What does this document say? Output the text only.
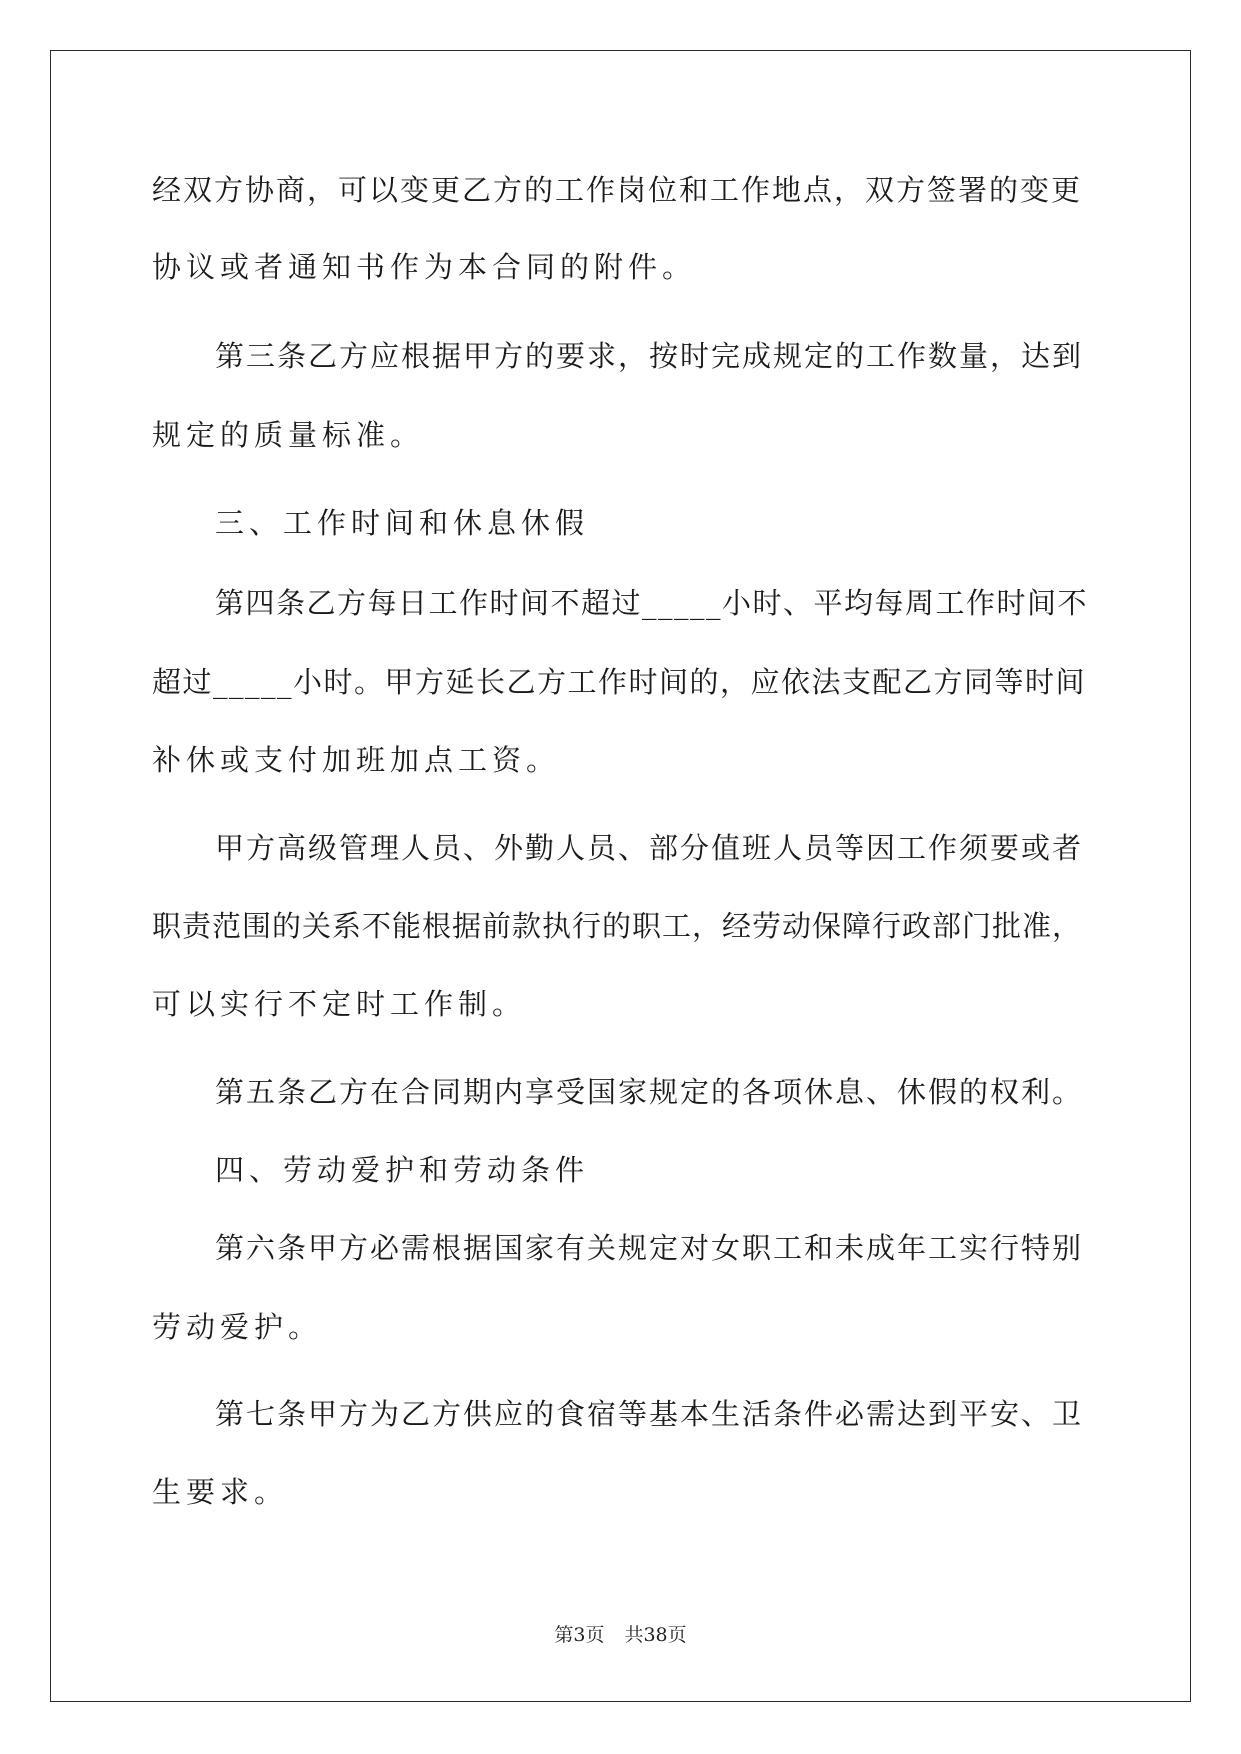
经双方协商，可以变更乙方的工作岗位和工作地点，双方签署的变更
协议或者通知书作为本合同的附件。
第三条乙方应根据甲方的要求，按时完成规定的工作数量，达到
规定的质量标准。
三、工作时间和休息休假
第四条乙方每日工作时间不超过_____小时、平均每周工作时间不
超过_____小时。甲方延长乙方工作时间的，应依法支配乙方同等时间
补休或支付加班加点工资。
甲方高级管理人员、外勤人员、部分值班人员等因工作须要或者
职责范围的关系不能根据前款执行的职工，经劳动保障行政部门批准，
可以实行不定时工作制。
第五条乙方在合同期内享受国家规定的各项休息、休假的权利。
四、劳动爱护和劳动条件
第六条甲方必需根据国家有关规定对女职工和未成年工实行特别
劳动爱护。
第七条甲方为乙方供应的食宿等基本生活条件必需达到平安、卫
生要求。
第3页 共38页
